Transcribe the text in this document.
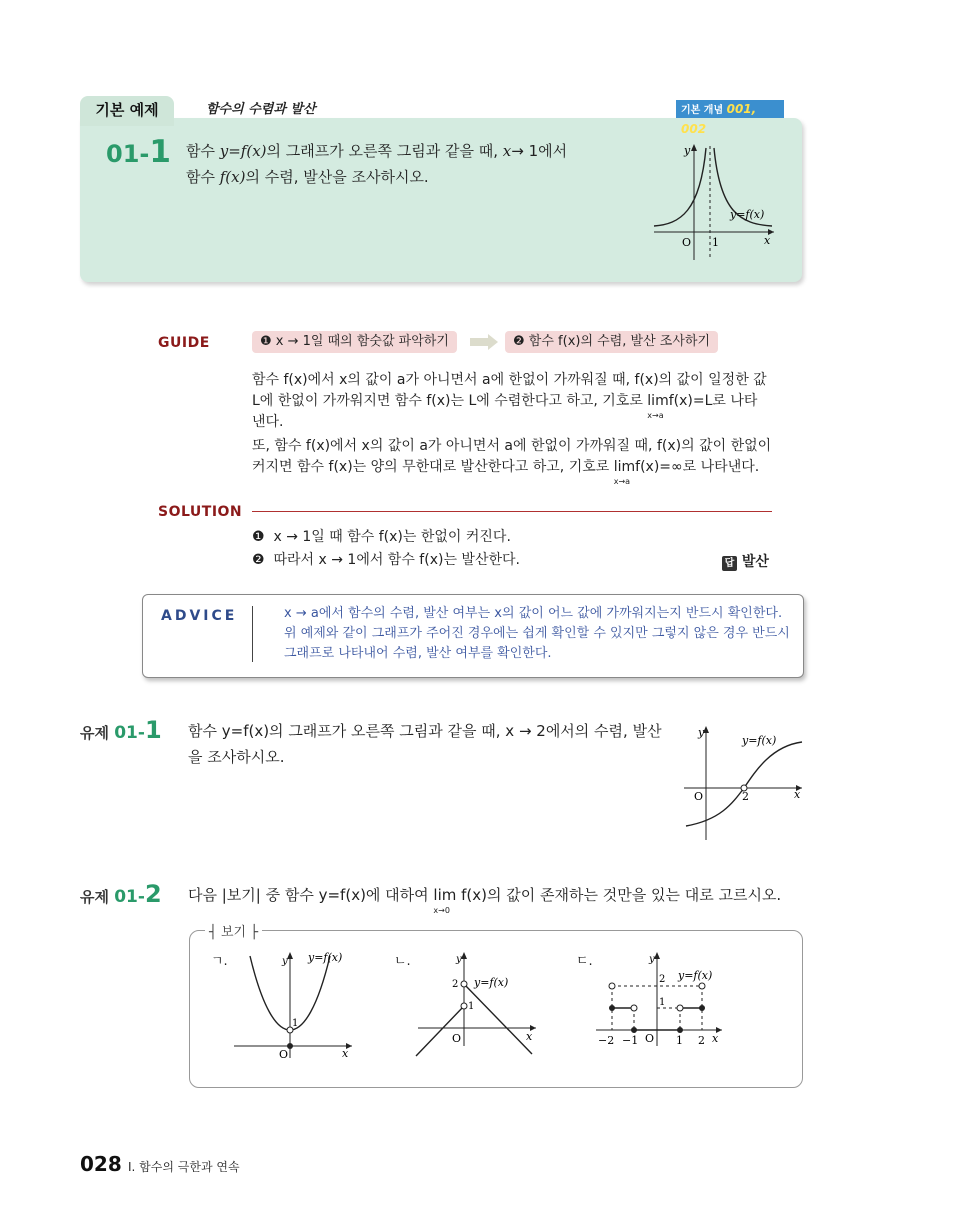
기본 예제	함수의 수렴과 발산	기본 개념 001, 002
01-1 함수 y=f(x)의 그래프가 오른쪽 그림과 같을 때, x→ 1에서
함수 f(x)의 수렴, 발산을 조사하시오.
y
x
O 1
y=f(x)
GUIDE	❶ x → 1일 때의 함숫값 파악하기	❷ 함수 f(x)의 수렴, 발산 조사하기
함수 f(x)에서 x의 값이 a가 아니면서 a에 한없이 가까워질 때, f(x)의 값이 일정한 값
L에 한없이 가까워지면 함수 f(x)는 L에 수렴한다고 하고, 기호로 lim
x→a
f(x)=L로 나타
낸다.
또, 함수 f(x)에서 x의 값이 a가 아니면서 a에 한없이 가까워질 때, f(x)의 값이 한없이
커지면 함수 f(x)는 양의 무한대로 발산한다고 하고, 기호로 lim
x→a
f(x)=∞로 나타낸다.
SOLUTION
❶ x → 1일 때 함수 f(x)는 한없이 커진다.
❷ 따라서 x → 1에서 함수 f(x)는 발산한다.	답 발산
ADVICE	x → a에서 함수의 수렴, 발산 여부는 x의 값이 어느 값에 가까워지는지 반드시 확인한다.
위 예제와 같이 그래프가 주어진 경우에는 쉽게 확인할 수 있지만 그렇지 않은 경우 반드시
그래프로 나타내어 수렴, 발산 여부를 확인한다.
유제 01-1 함수 y=f(x)의 그래프가 오른쪽 그림과 같을 때, x → 2에서의 수렴, 발산
을 조사하시오.
y
x
O	2
y=f(x)
유제 01-2 다음 |보기| 중 함수 y=f(x)에 대하여 lim
x→0
f(x)의 값이 존재하는 것만을 있는 대로 고르시오.
┤ 보기 ├
ㄱ.	y y=f(x)
1
O	x
ㄴ.	y
y=f(x)
2
1
O	x
ㄷ.	y
y=f(x)
2
1
−2 −1 O 1 2 x
028 I. 함수의 극한과 연속
